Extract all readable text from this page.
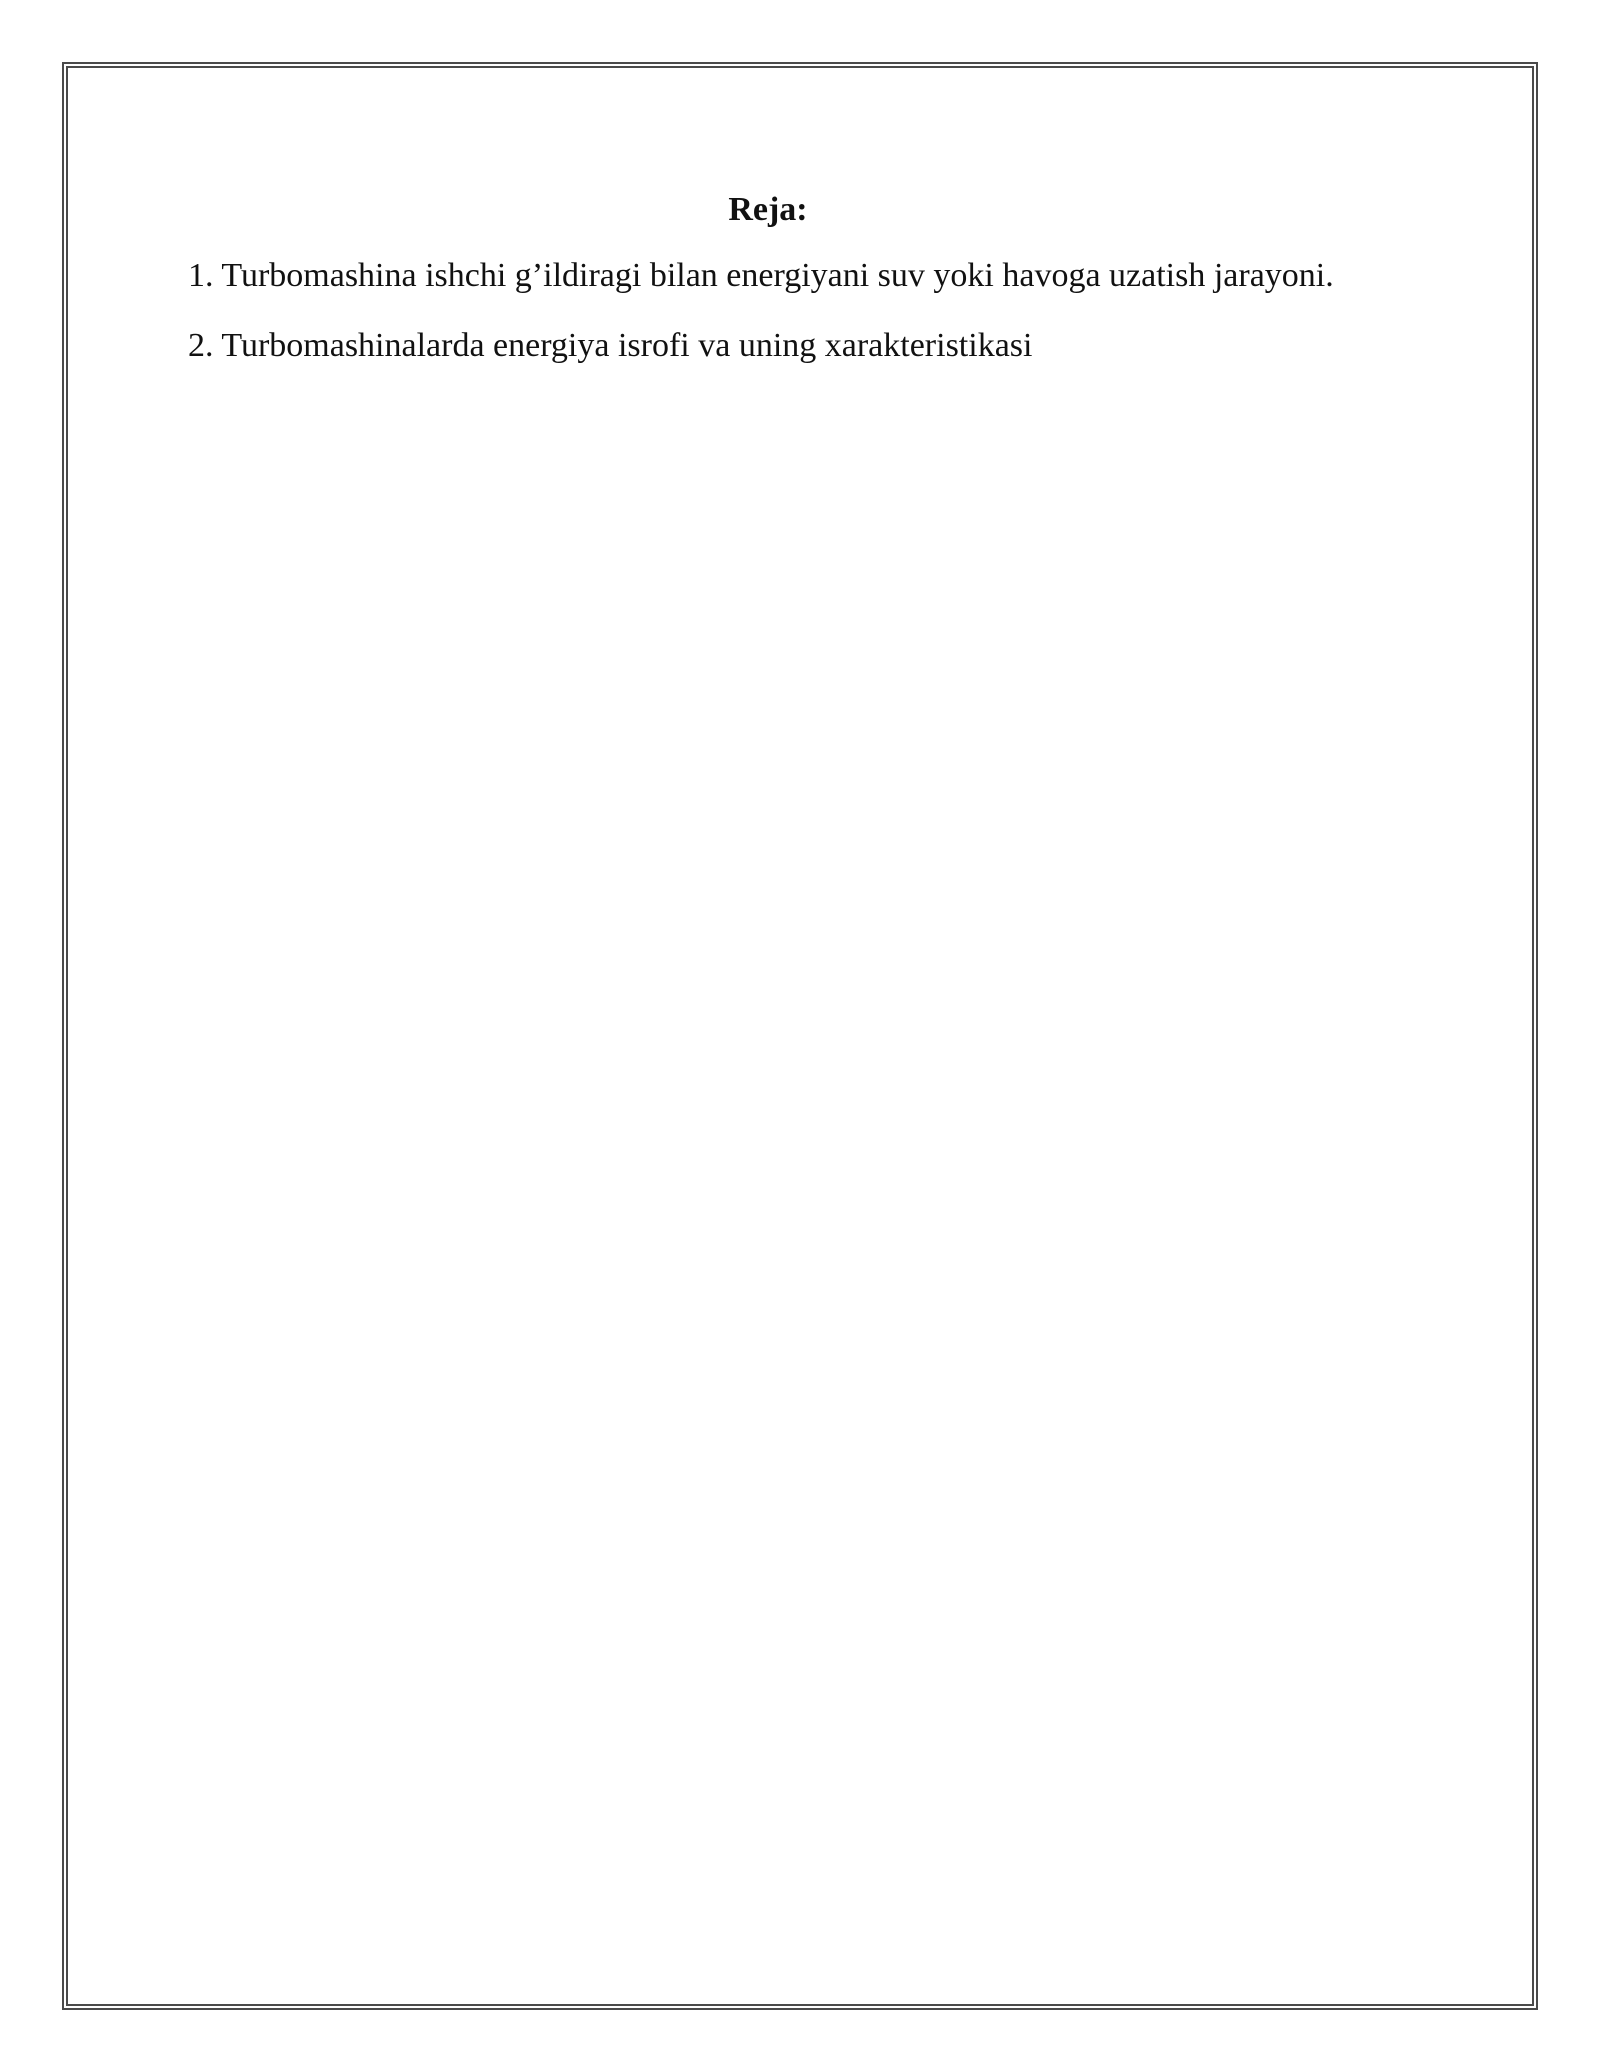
Reja:
1. Turbomashina ishchi g’ildiragi bilan energiyani suv yoki havoga uzatish jarayoni.
2. Turbomashinalarda energiya isrofi va uning xarakteristikasi
